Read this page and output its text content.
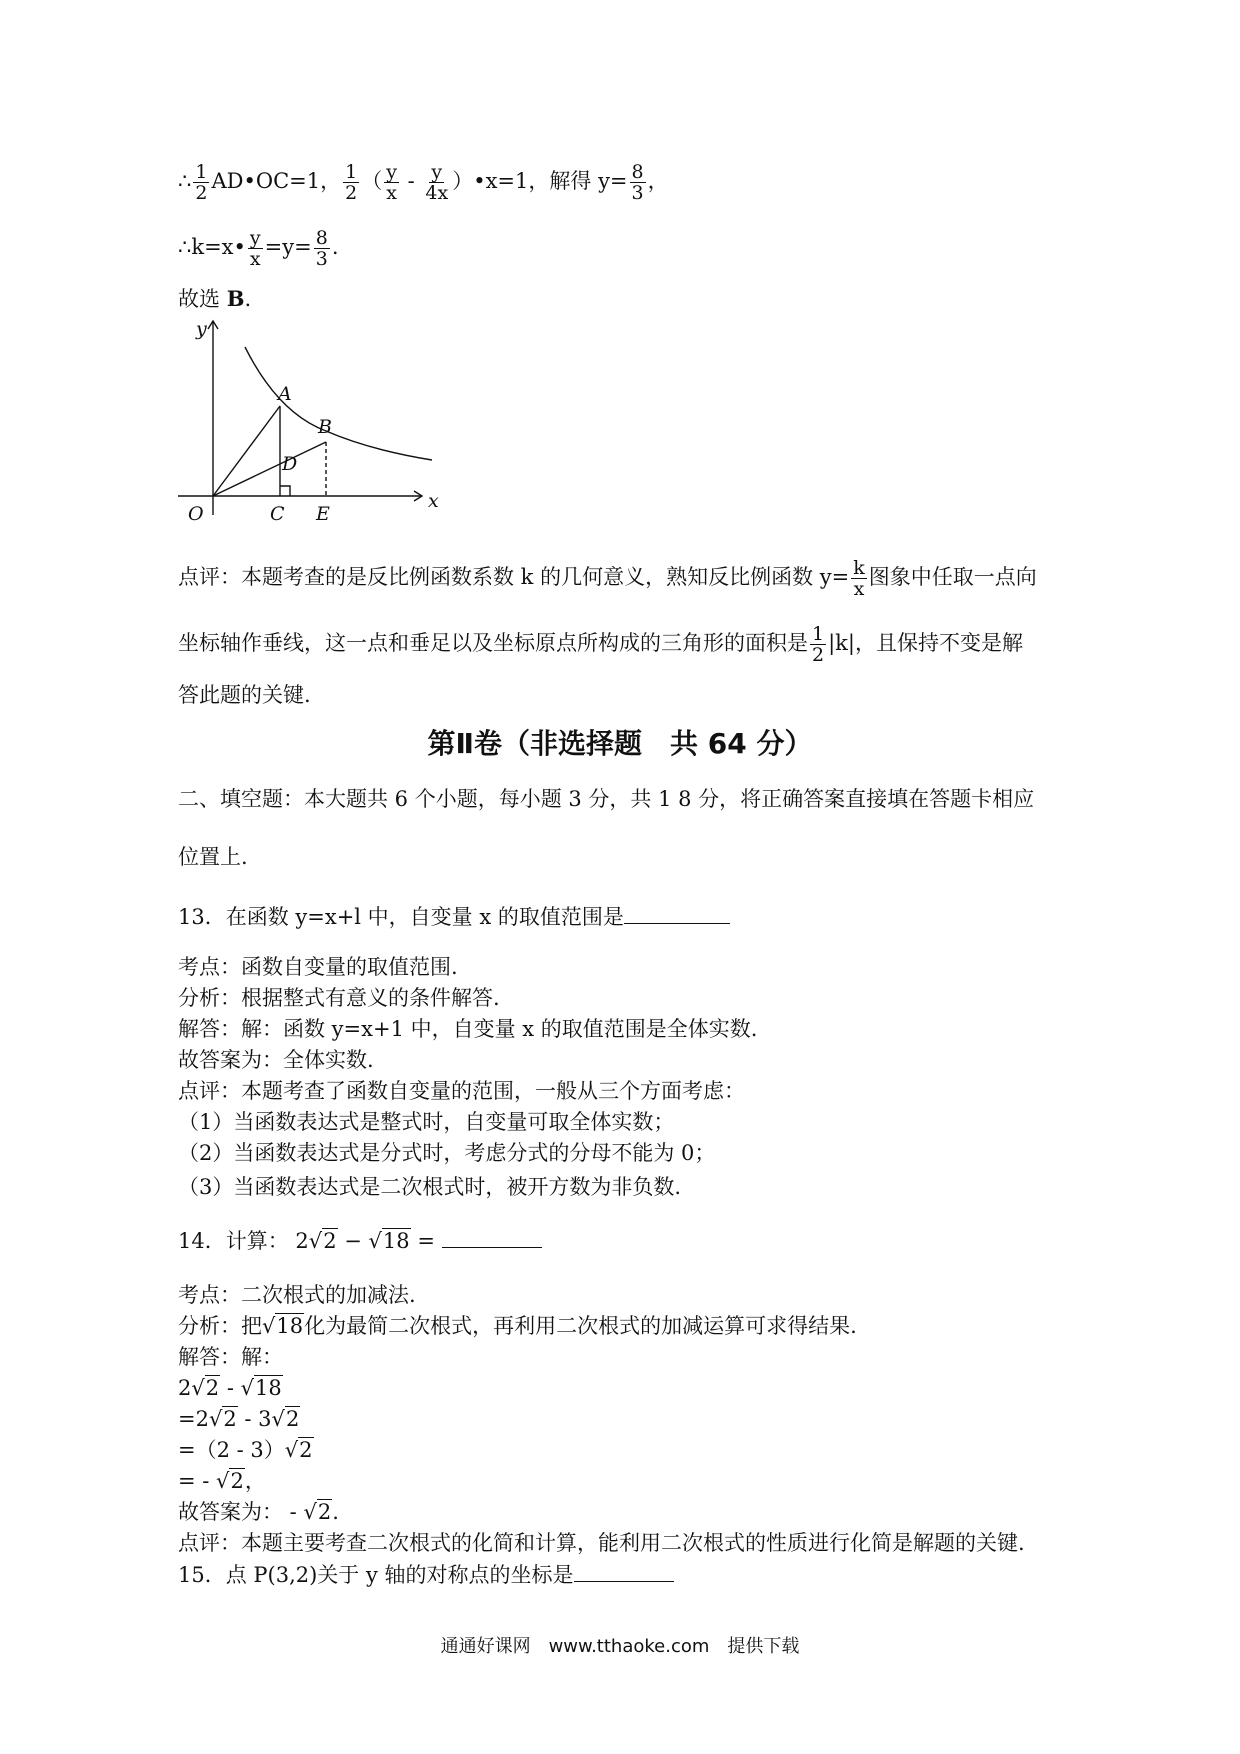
∴ $\frac{1}{2}$ AD•OC=1， $\frac{1}{2}$ （ $\frac{y}{x} - \frac{y}{4x}$ ）•x=1，解得 $y= \frac{8}{3}$ ，
∴k=x• $\frac{y}{x} =y= \frac{8}{3}$ .
故选 B.
y
x
O
A
B
D
C E
点评：本题考查的是反比例函数系数 k 的几何意义，熟知反比例函数 $y= \frac{k}{x}$ 图象中任取一点向
坐标轴作垂线，这一点和垂足以及坐标原点所构成的三角形的面积是 $\frac{1}{2} |k|$，且保持不变是解
答此题的关键.
第Ⅱ卷（非选择题　共 64 分）
二、填空题：本大题共 6 个小题，每小题 3 分，共 1 8 分，将正确答案直接填在答题卡相应
位置上.
13．在函数 y=x+l 中，自变量 x 的取值范围是
考点：函数自变量的取值范围.
分析：根据整式有意义的条件解答.
解答：解：函数 y=x+1 中，自变量 x 的取值范围是全体实数.
故答案为：全体实数.
点评：本题考查了函数自变量的范围，一般从三个方面考虑：
（1）当函数表达式是整式时，自变量可取全体实数；
（2）当函数表达式是分式时，考虑分式的分母不能为 0；
（3）当函数表达式是二次根式时，被开方数为非负数.
14．计算： 2√2 − √18 =
考点：二次根式的加减法.
分析：把√18化为最简二次根式，再利用二次根式的加减运算可求得结果.
解答：解：
2√2 - √18
=2√2 - 3√2
=（2 - 3）√2
= - √2，
故答案为： - √2.
点评：本题主要考查二次根式的化简和计算，能利用二次根式的性质进行化简是解题的关键.
15．点 P(3,2)关于 y 轴的对称点的坐标是
通通好课网　www.tthaoke.com　提供下载
